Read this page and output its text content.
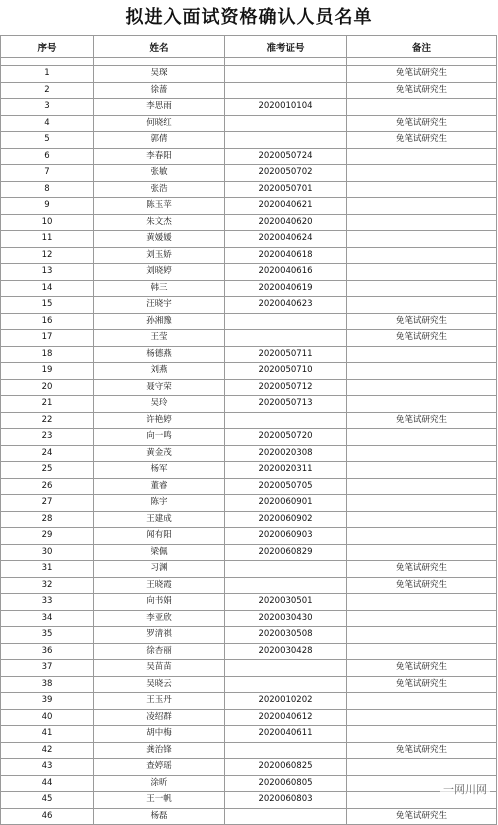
拟进入面试资格确认人员名单
序号	姓名	准考证号	备注

1	吴琛		免笔试研究生
2	徐蔷		免笔试研究生
3	李思雨	2020010104	
4	何晓红		免笔试研究生
5	郭倩		免笔试研究生
6	李春阳	2020050724	
7	张敏	2020050702	
8	张浩	2020050701	
9	陈玉苹	2020040621	
10	朱文杰	2020040620	
11	黄媛媛	2020040624	
12	刘玉娇	2020040618	
13	刘晓婷	2020040616	
14	韩三	2020040619	
15	汪晓宇	2020040623	
16	孙湘豫		免笔试研究生
17	王莹		免笔试研究生
18	杨德燕	2020050711	
19	刘燕	2020050710	
20	聂守荣	2020050712	
21	吴玲	2020050713	
22	许艳婷		免笔试研究生
23	向一鸣	2020050720	
24	黄金茂	2020020308	
25	杨军	2020020311	
26	董睿	2020050705	
27	陈宇	2020060901	
28	王建成	2020060902	
29	闻有阳	2020060903	
30	梁佩	2020060829	
31	习渊		免笔试研究生
32	王晓霞		免笔试研究生
33	向书娟	2020030501	
34	李亚欣	2020030430	
35	罗清祺	2020030508	
36	徐杏丽	2020030428	
37	吴苗苗		免笔试研究生
38	吴晓云		免笔试研究生
39	王玉丹	2020010202	
40	凌绍群	2020040612	
41	胡中梅	2020040611	
42	龚治锋		免笔试研究生
43	查婷瑶	2020060825	
44	涂昕	2020060805	
45	王一帆	2020060803	
46	杨磊		免笔试研究生
一网川网
